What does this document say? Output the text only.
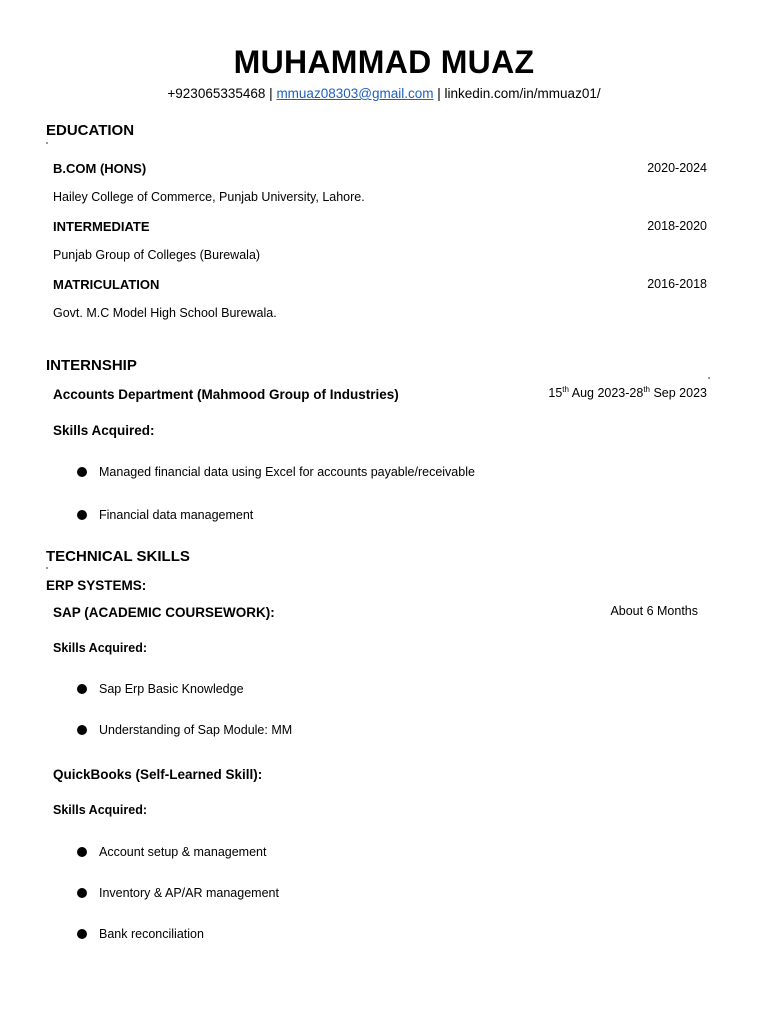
MUHAMMAD MUAZ
+923065335468 | mmuaz08303@gmail.com | linkedin.com/in/mmuaz01/
EDUCATION
B.COM (HONS)	2020-2024
Hailey College of Commerce, Punjab University, Lahore.
INTERMEDIATE	2018-2020
Punjab Group of Colleges (Burewala)
MATRICULATION	2016-2018
Govt. M.C Model High School Burewala.
INTERNSHIP
Accounts Department (Mahmood Group of Industries)	15th Aug 2023-28th Sep 2023
Skills Acquired:
Managed financial data using Excel for accounts payable/receivable
Financial data management
TECHNICAL SKILLS
ERP SYSTEMS:
SAP (ACADEMIC COURSEWORK):	About 6 Months
Skills Acquired:
Sap Erp Basic Knowledge
Understanding of Sap Module: MM
QuickBooks (Self-Learned Skill):
Skills Acquired:
Account setup & management
Inventory & AP/AR management
Bank reconciliation
